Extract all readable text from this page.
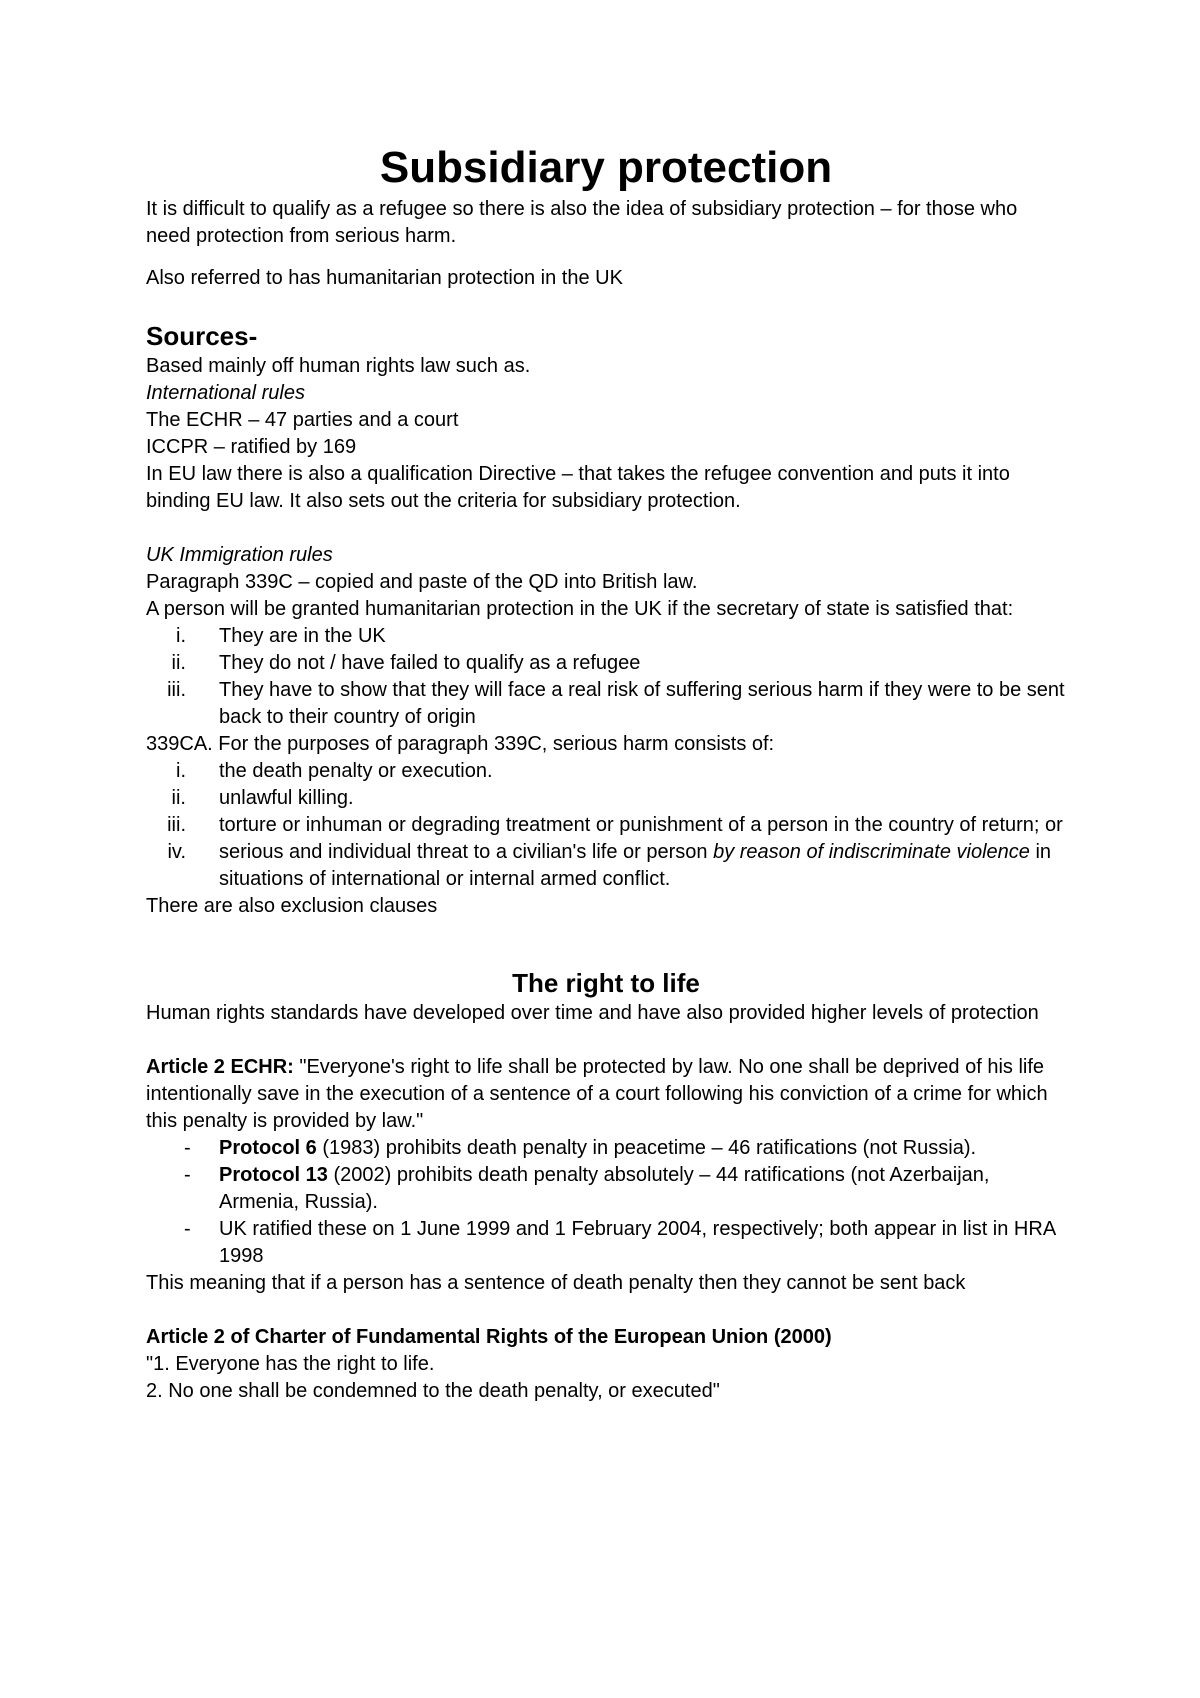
Subsidiary protection

It is difficult to qualify as a refugee so there is also the idea of subsidiary protection – for those who need protection from serious harm.

Also referred to has humanitarian protection in the UK

Sources-

Based mainly off human rights law such as.

International rules

The ECHR – 47 parties and a court

ICCPR – ratified by 169

In EU law there is also a qualification Directive – that takes the refugee convention and puts it into binding EU law. It also sets out the criteria for subsidiary protection.

UK Immigration rules

Paragraph 339C – copied and paste of the QD into British law.

A person will be granted humanitarian protection in the UK if the secretary of state is satisfied that:

i. They are in the UK
ii. They do not / have failed to qualify as a refugee
iii. They have to show that they will face a real risk of suffering serious harm if they were to be sent back to their country of origin

339CA. For the purposes of paragraph 339C, serious harm consists of:

i. the death penalty or execution.
ii. unlawful killing.
iii. torture or inhuman or degrading treatment or punishment of a person in the country of return; or
iv. serious and individual threat to a civilian's life or person by reason of indiscriminate violence in situations of international or internal armed conflict.

There are also exclusion clauses

The right to life

Human rights standards have developed over time and have also provided higher levels of protection

Article 2 ECHR: "Everyone's right to life shall be protected by law. No one shall be deprived of his life intentionally save in the execution of a sentence of a court following his conviction of a crime for which this penalty is provided by law."

- Protocol 6 (1983) prohibits death penalty in peacetime – 46 ratifications (not Russia).
- Protocol 13 (2002) prohibits death penalty absolutely – 44 ratifications (not Azerbaijan, Armenia, Russia).
- UK ratified these on 1 June 1999 and 1 February 2004, respectively; both appear in list in HRA 1998

This meaning that if a person has a sentence of death penalty then they cannot be sent back

Article 2 of Charter of Fundamental Rights of the European Union (2000)

"1. Everyone has the right to life.

2. No one shall be condemned to the death penalty, or executed"
